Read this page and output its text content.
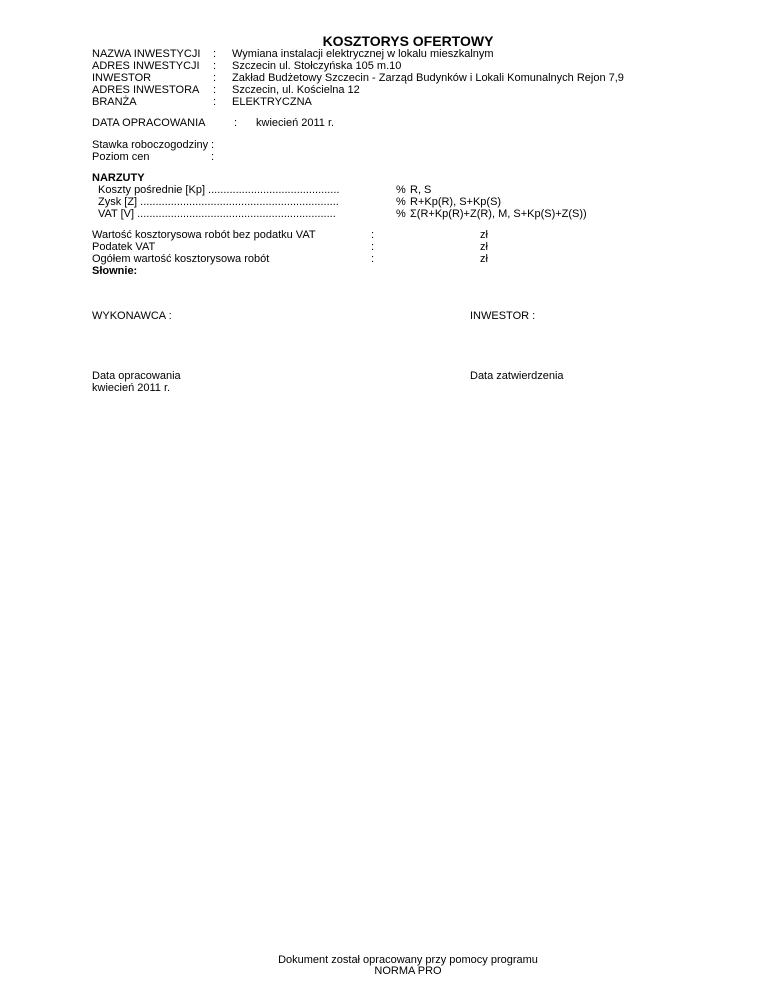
KOSZTORYS OFERTOWY
NAZWA INWESTYCJI : Wymiana instalacji elektrycznej w lokalu mieszkalnym
ADRES INWESTYCJI : Szczecin ul. Stołczyńska 105 m.10
INWESTOR	: Zakład Budżetowy Szczecin - Zarząd Budynków i Lokali Komunalnych Rejon 7,9
ADRES INWESTORA : Szczecin, ul. Kościelna 12
BRANŻA	: ELEKTRYCZNA
DATA OPRACOWANIA	: kwiecień 2011 r.
Stawka roboczogodziny :
Poziom cen	:
NARZUTY
Koszty pośrednie [Kp] ...........................................	% R, S
Zysk [Z] .................................................................	% R+Kp(R), S+Kp(S)
VAT [V] .................................................................	% Σ(R+Kp(R)+Z(R), M, S+Kp(S)+Z(S))
Wartość kosztorysowa robót bez podatku VAT	:	zł
Podatek VAT	:	zł
Ogółem wartość kosztorysowa robót	:	zł
Słownie:
WYKONAWCA :	INWESTOR :
Data opracowania
kwiecień 2011 r.
Data zatwierdzenia
Dokument został opracowany przy pomocy programu
NORMA PRO
